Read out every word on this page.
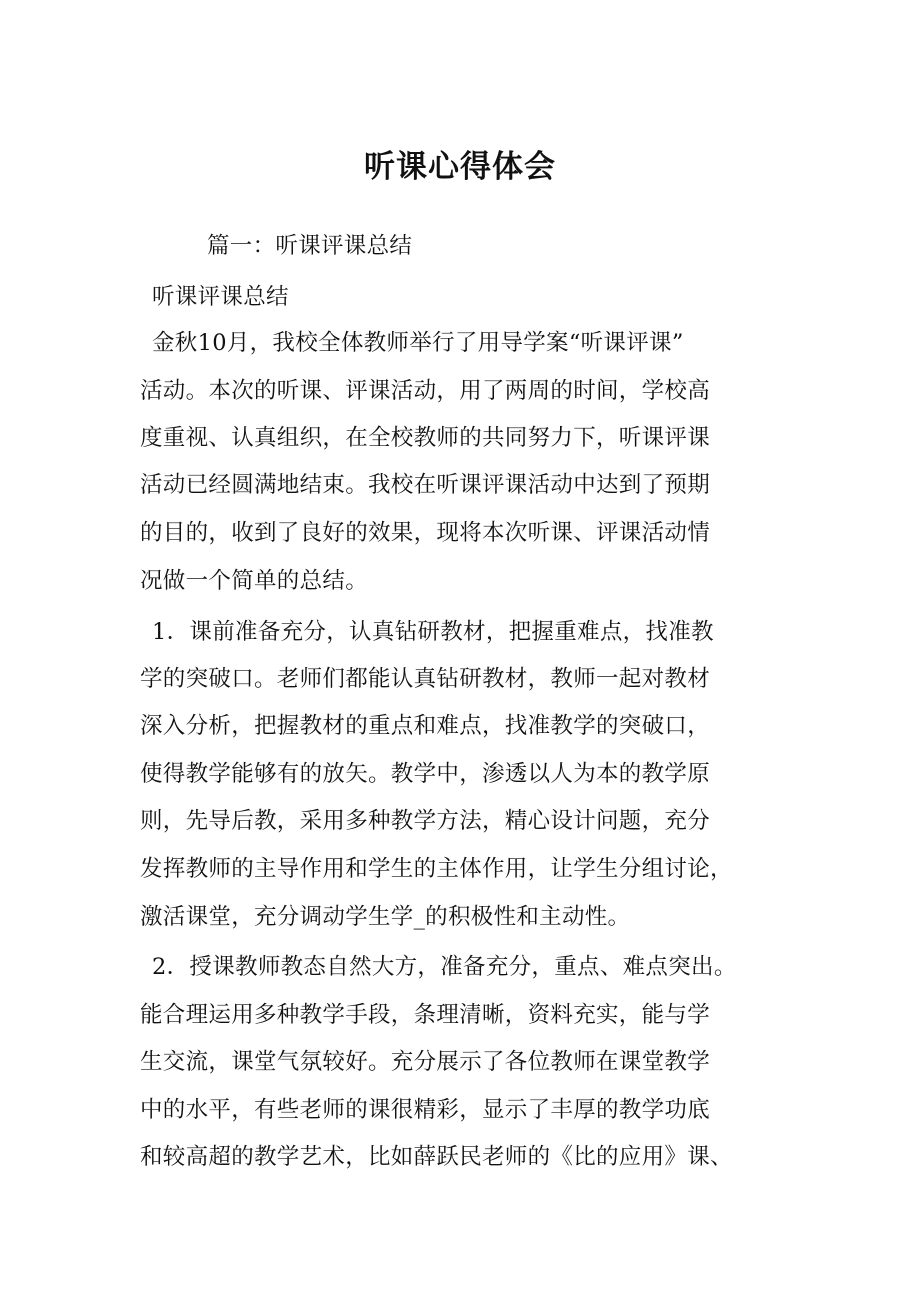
听课心得体会
篇一：听课评课总结
听课评课总结
金秋10月，我校全体教师举行了用导学案“听课评课”
活动。本次的听课、评课活动，用了两周的时间，学校高
度重视、认真组织，在全校教师的共同努力下，听课评课
活动已经圆满地结束。我校在听课评课活动中达到了预期
的目的，收到了良好的效果，现将本次听课、评课活动情
况做一个简单的总结。
1．课前准备充分，认真钻研教材，把握重难点，找准教
学的突破口。老师们都能认真钻研教材，教师一起对教材
深入分析，把握教材的重点和难点，找准教学的突破口，
使得教学能够有的放矢。教学中，渗透以人为本的教学原
则，先导后教，采用多种教学方法，精心设计问题，充分
发挥教师的主导作用和学生的主体作用，让学生分组讨论，
激活课堂，充分调动学生学_的积极性和主动性。
2．授课教师教态自然大方，准备充分，重点、难点突出。
能合理运用多种教学手段，条理清晰，资料充实，能与学
生交流，课堂气氛较好。充分展示了各位教师在课堂教学
中的水平，有些老师的课很精彩，显示了丰厚的教学功底
和较高超的教学艺术，比如薛跃民老师的《比的应用》课、
